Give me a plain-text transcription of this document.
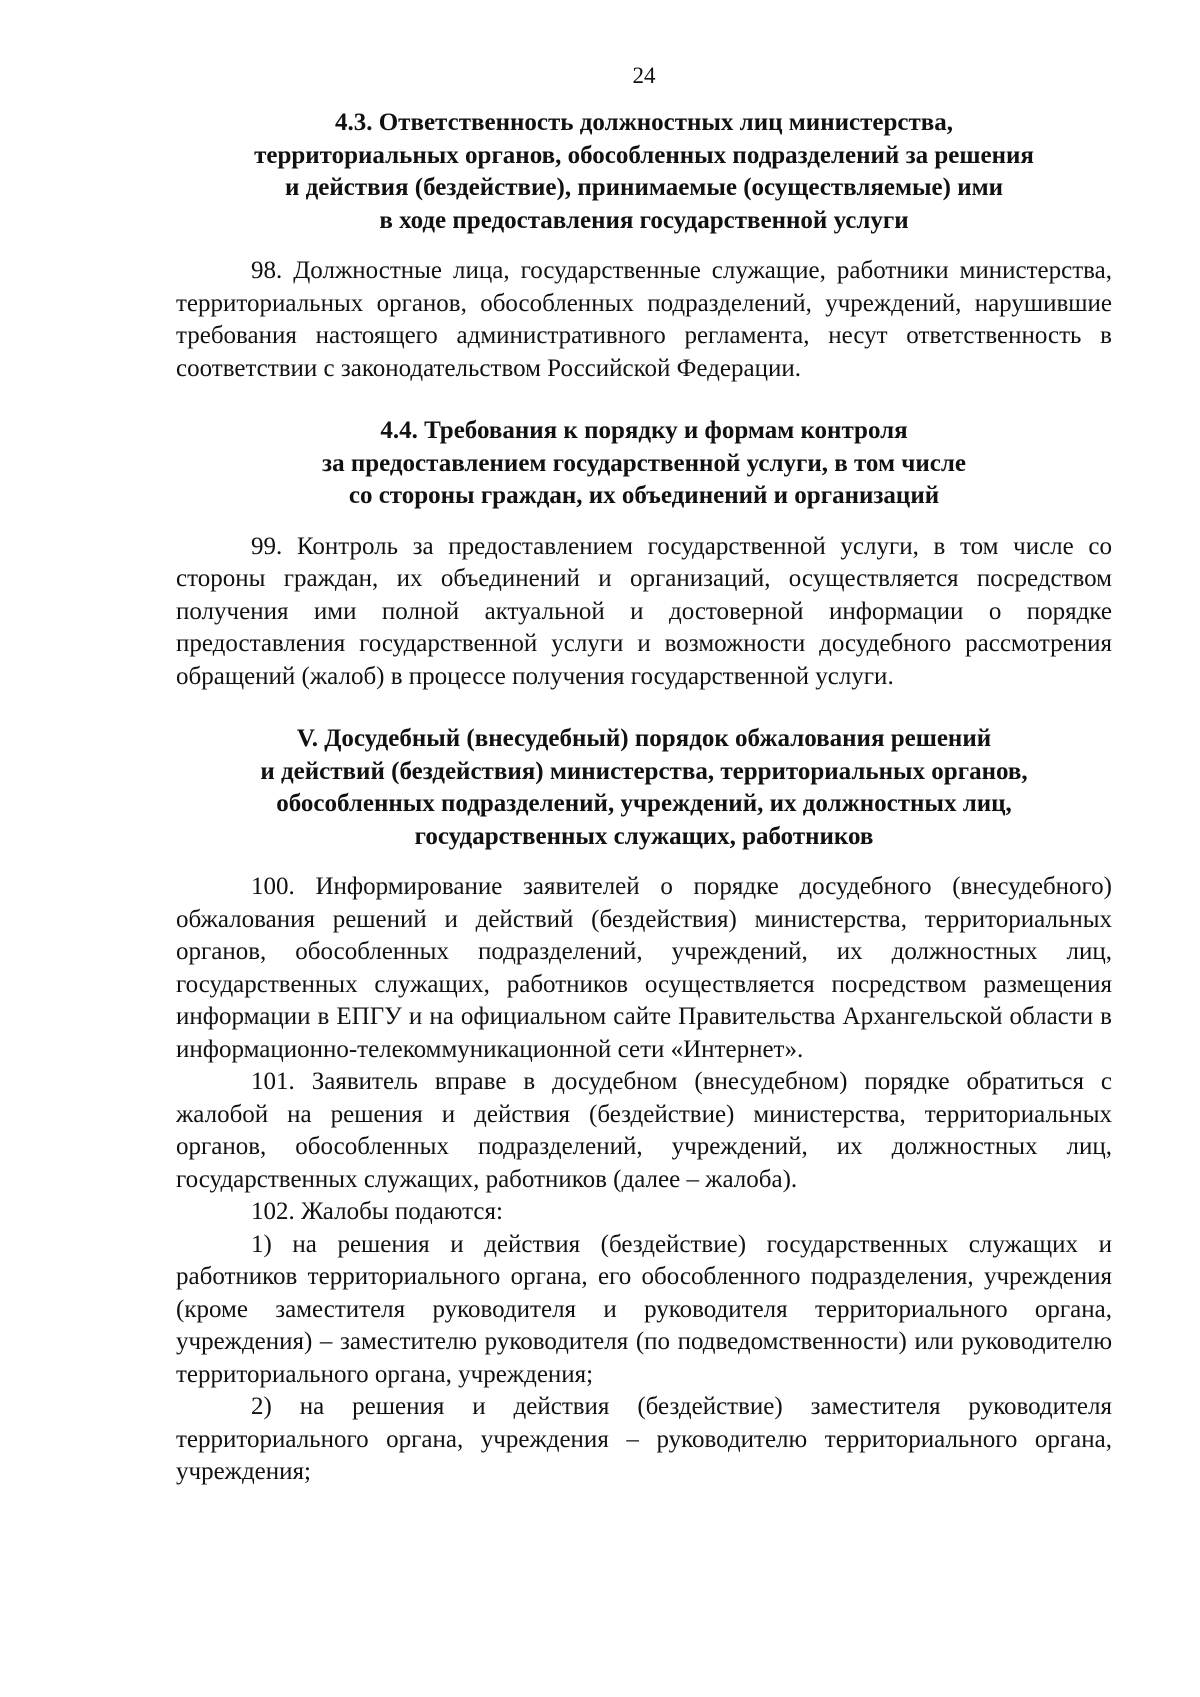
24
4.3. Ответственность должностных лиц министерства,
территориальных органов, обособленных подразделений за решения
и действия (бездействие), принимаемые (осуществляемые) ими
в ходе предоставления государственной услуги

98. Должностные лица, государственные служащие, работники министерства, территориальных органов, обособленных подразделений, учреждений, нарушившие требования настоящего административного регламента, несут ответственность в соответствии с законодательством Российской Федерации.

4.4. Требования к порядку и формам контроля
за предоставлением государственной услуги, в том числе
со стороны граждан, их объединений и организаций

99. Контроль за предоставлением государственной услуги, в том числе со стороны граждан, их объединений и организаций, осуществляется посредством получения ими полной актуальной и достоверной информации о порядке предоставления государственной услуги и возможности досудебного рассмотрения обращений (жалоб) в процессе получения государственной услуги.

V. Досудебный (внесудебный) порядок обжалования решений
и действий (бездействия) министерства, территориальных органов,
обособленных подразделений, учреждений, их должностных лиц,
государственных служащих, работников

100. Информирование заявителей о порядке досудебного (внесудебного) обжалования решений и действий (бездействия) министерства, территориальных органов, обособленных подразделений, учреждений, их должностных лиц, государственных служащих, работников осуществляется посредством размещения информации в ЕПГУ и на официальном сайте Правительства Архангельской области в информационно-телекоммуникационной сети «Интернет».

101. Заявитель вправе в досудебном (внесудебном) порядке обратиться с жалобой на решения и действия (бездействие) министерства, территориальных органов, обособленных подразделений, учреждений, их должностных лиц, государственных служащих, работников (далее – жалоба).

102. Жалобы подаются:

1) на решения и действия (бездействие) государственных служащих и работников территориального органа, его обособленного подразделения, учреждения (кроме заместителя руководителя и руководителя территориального органа, учреждения) – заместителю руководителя (по подведомственности) или руководителю территориального органа, учреждения;

2) на решения и действия (бездействие) заместителя руководителя территориального органа, учреждения – руководителю территориального органа, учреждения;
